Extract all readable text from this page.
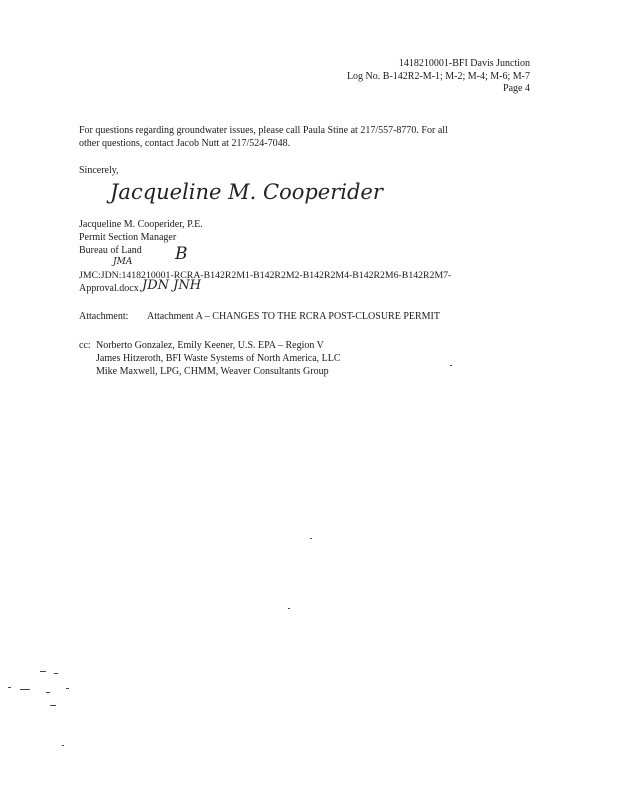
1418210001-BFI Davis Junction
Log No. B-142R2-M-1; M-2; M-4; M-6; M-7
Page 4
For questions regarding groundwater issues, please call Paula Stine at 217/557-8770. For all
other questions, contact Jacob Nutt at 217/524-7048.
Sincerely,
Jacqueline M. Cooperider
Jacqueline M. Cooperider, P.E.
Permit Section Manager
Bureau of Land B
JMA
JMC:JDN:1418210001-RCRA-B142R2M1-B142R2M2-B142R2M4-B142R2M6-B142R2M7-
Approval.docx JDN JNH
Attachment: Attachment A – CHANGES TO THE RCRA POST-CLOSURE PERMIT
cc: Norberto Gonzalez, Emily Keener, U.S. EPA – Region V
James Hitzeroth, BFI Waste Systems of North America, LLC
Mike Maxwell, LPG, CHMM, Weaver Consultants Group
